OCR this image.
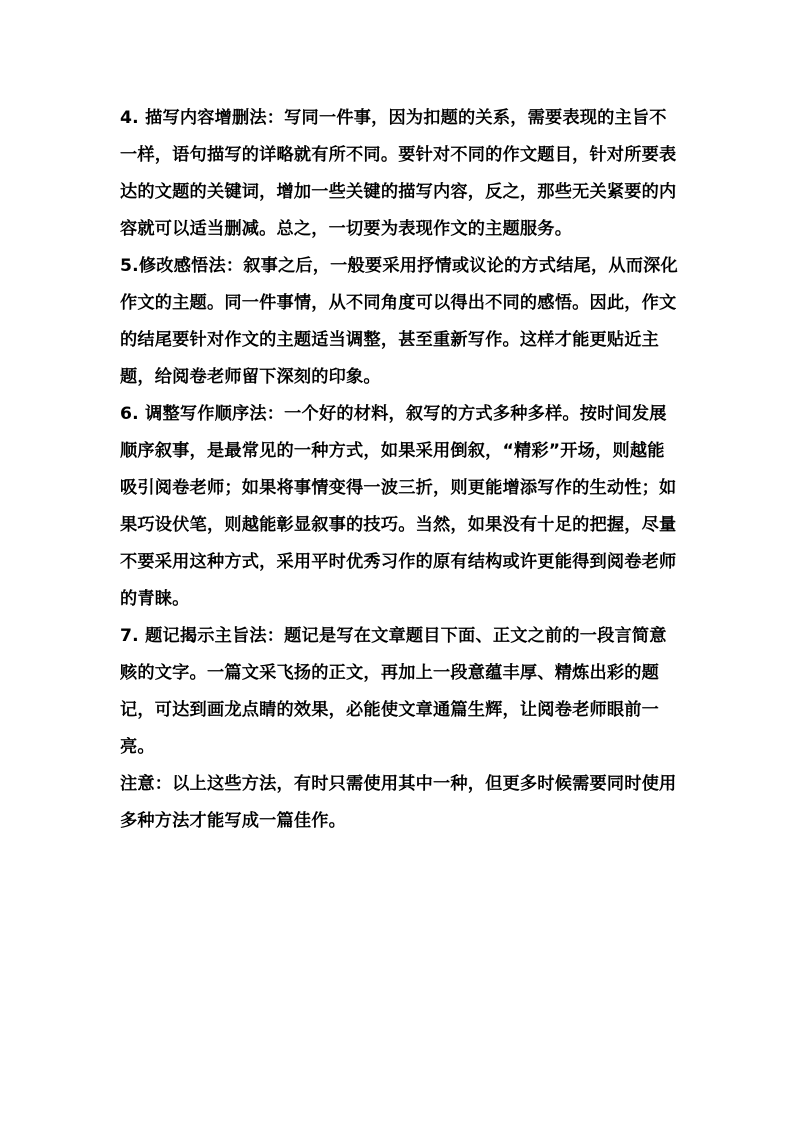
4. 描写内容增删法：写同一件事，因为扣题的关系，需要表现的主旨不一样，语句描写的详略就有所不同。要针对不同的作文题目，针对所要表达的文题的关键词，增加一些关键的描写内容，反之，那些无关紧要的内容就可以适当删减。总之，一切要为表现作文的主题服务。

5.修改感悟法：叙事之后，一般要采用抒情或议论的方式结尾，从而深化作文的主题。同一件事情，从不同角度可以得出不同的感悟。因此，作文的结尾要针对作文的主题适当调整，甚至重新写作。这样才能更贴近主题，给阅卷老师留下深刻的印象。

6. 调整写作顺序法：一个好的材料，叙写的方式多种多样。按时间发展顺序叙事，是最常见的一种方式，如果采用倒叙，“精彩”开场，则越能吸引阅卷老师；如果将事情变得一波三折，则更能增添写作的生动性；如果巧设伏笔，则越能彰显叙事的技巧。当然，如果没有十足的把握，尽量不要采用这种方式，采用平时优秀习作的原有结构或许更能得到阅卷老师的青睐。

7. 题记揭示主旨法：题记是写在文章题目下面、正文之前的一段言简意赅的文字。一篇文采飞扬的正文，再加上一段意蕴丰厚、精炼出彩的题记，可达到画龙点睛的效果，必能使文章通篇生辉，让阅卷老师眼前一亮。

注意：以上这些方法，有时只需使用其中一种，但更多时候需要同时使用多种方法才能写成一篇佳作。
